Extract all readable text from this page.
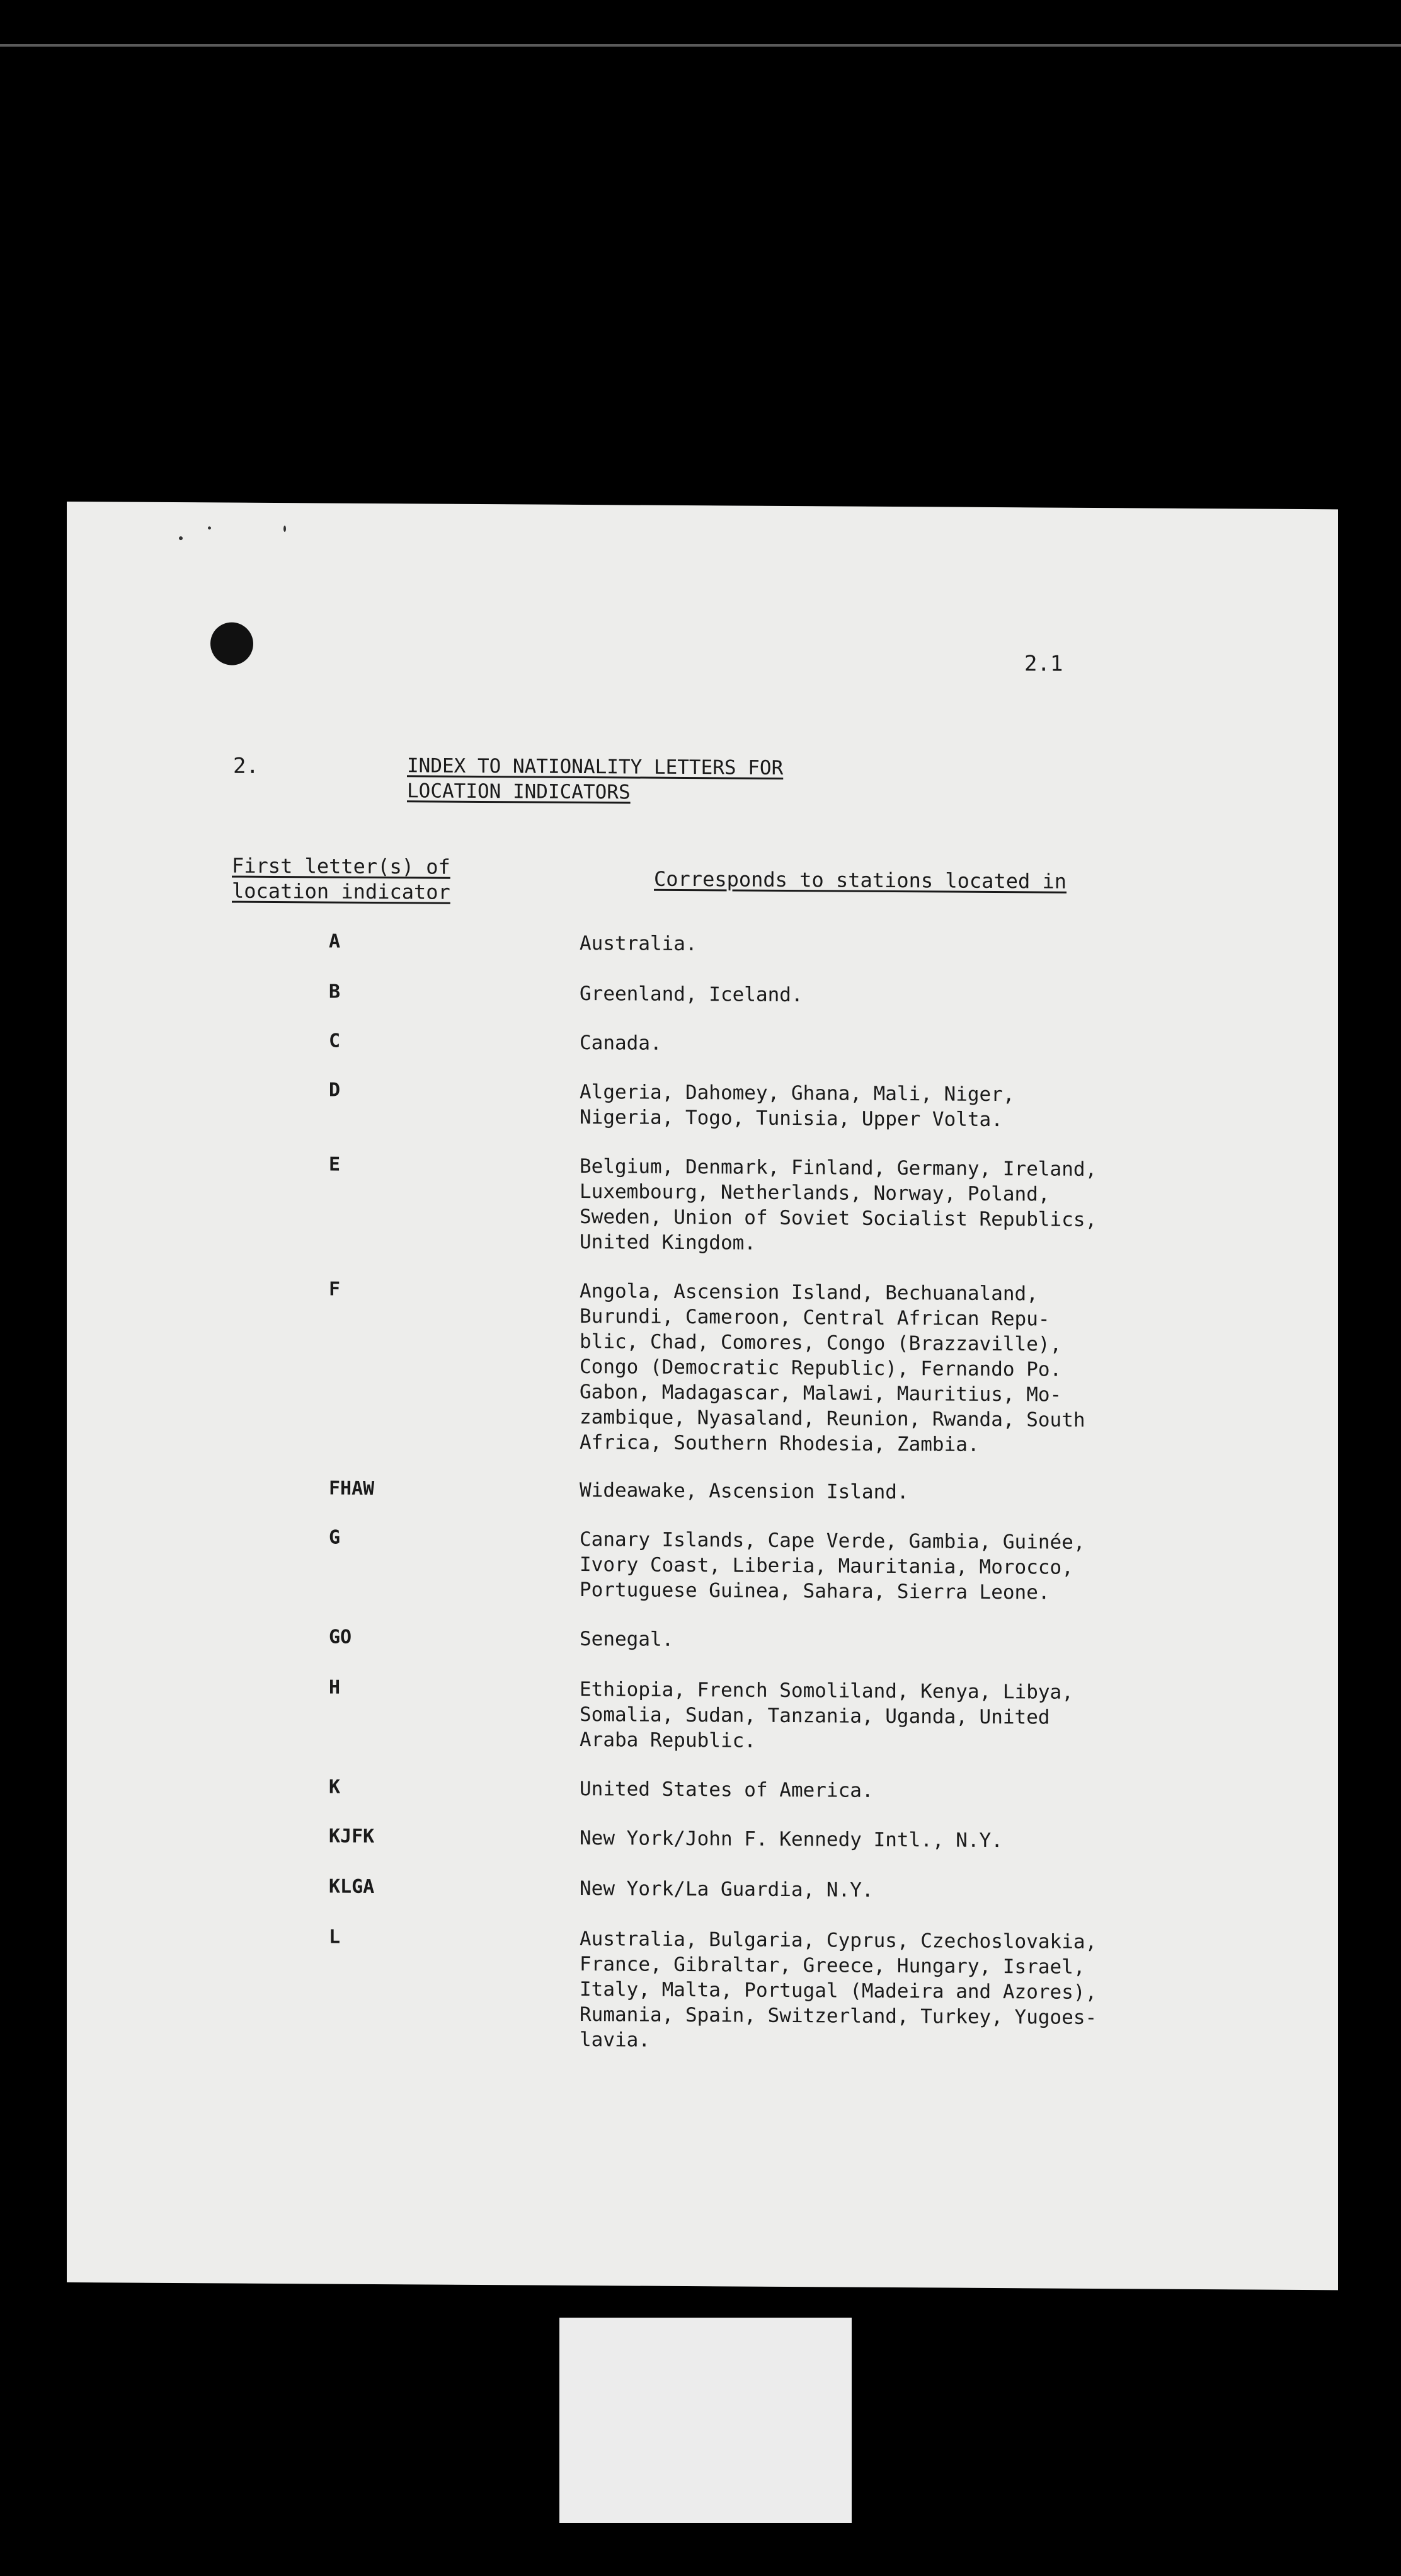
2.1
2.	INDEX TO NATIONALITY LETTERS FOR
LOCATION INDICATORS
First letter(s) of
location indicator	Corresponds to stations located in
A	Australia.
B	Greenland, Iceland.
C	Canada.
D	Algeria, Dahomey, Ghana, Mali, Niger,
Nigeria, Togo, Tunisia, Upper Volta.
E	Belgium, Denmark, Finland, Germany, Ireland,
Luxembourg, Netherlands, Norway, Poland,
Sweden, Union of Soviet Socialist Republics,
United Kingdom.
F	Angola, Ascension Island, Bechuanaland,
Burundi, Cameroon, Central African Repu-
blic, Chad, Comores, Congo (Brazzaville),
Congo (Democratic Republic), Fernando Po.
Gabon, Madagascar, Malawi, Mauritius, Mo-
zambique, Nyasaland, Reunion, Rwanda, South
Africa, Southern Rhodesia, Zambia.
FHAW	Wideawake, Ascension Island.
G	Canary Islands, Cape Verde, Gambia, Guinée,
Ivory Coast, Liberia, Mauritania, Morocco,
Portuguese Guinea, Sahara, Sierra Leone.
GO	Senegal.
H	Ethiopia, French Somoliland, Kenya, Libya,
Somalia, Sudan, Tanzania, Uganda, United
Araba Republic.
K	United States of America.
KJFK	New York/John F. Kennedy Intl., N.Y.
KLGA	New York/La Guardia, N.Y.
L	Australia, Bulgaria, Cyprus, Czechoslovakia,
France, Gibraltar, Greece, Hungary, Israel,
Italy, Malta, Portugal (Madeira and Azores),
Rumania, Spain, Switzerland, Turkey, Yugoes-
lavia.
